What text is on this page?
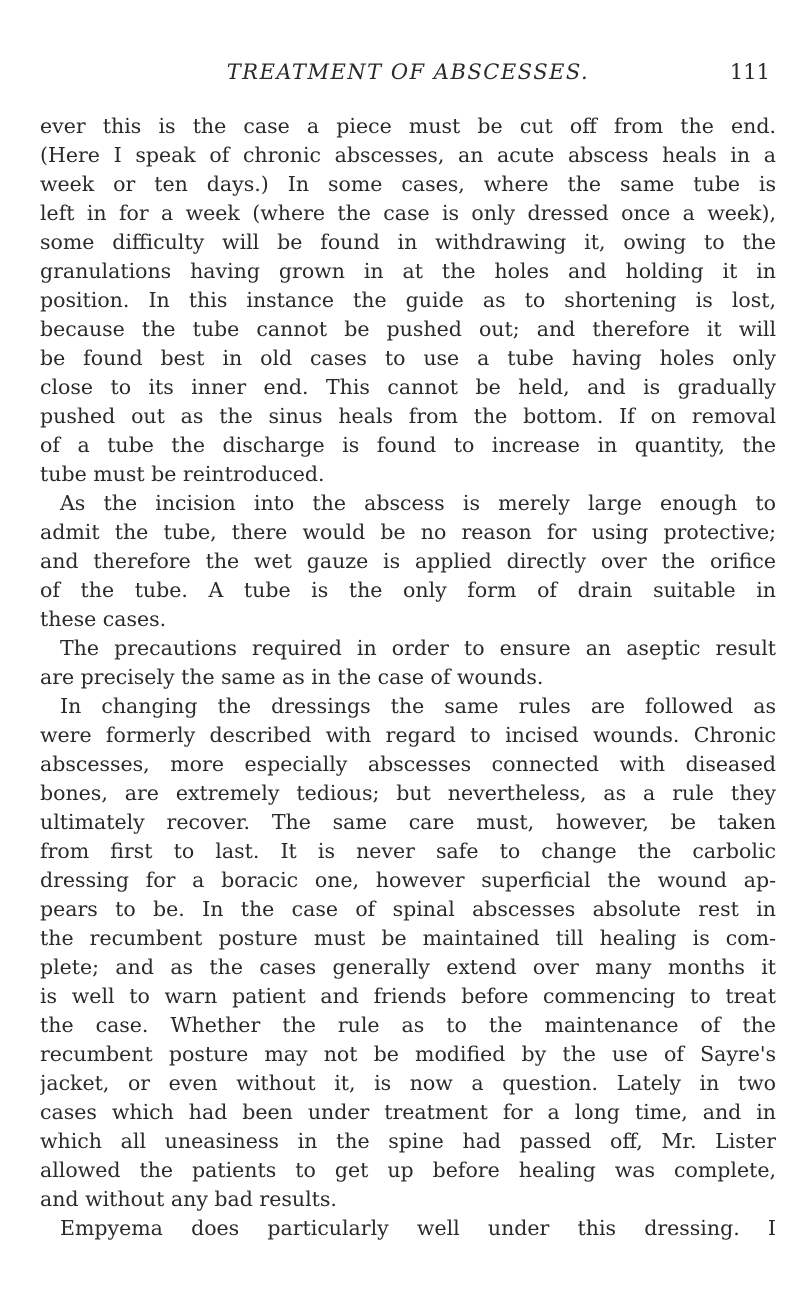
TREATMENT OF ABSCESSES.	111
ever this is the case a piece must be cut off from the end.
(Here I speak of chronic abscesses, an acute abscess heals in a
week or ten days.) In some cases, where the same tube is
left in for a week (where the case is only dressed once a week),
some difficulty will be found in withdrawing it, owing to the
granulations having grown in at the holes and holding it in
position. In this instance the guide as to shortening is lost,
because the tube cannot be pushed out; and therefore it will
be found best in old cases to use a tube having holes only
close to its inner end. This cannot be held, and is gradually
pushed out as the sinus heals from the bottom. If on removal
of a tube the discharge is found to increase in quantity, the
tube must be reintroduced.
As the incision into the abscess is merely large enough to
admit the tube, there would be no reason for using protective;
and therefore the wet gauze is applied directly over the orifice
of the tube. A tube is the only form of drain suitable in
these cases.
The precautions required in order to ensure an aseptic result
are precisely the same as in the case of wounds.
In changing the dressings the same rules are followed as
were formerly described with regard to incised wounds. Chronic
abscesses, more especially abscesses connected with diseased
bones, are extremely tedious; but nevertheless, as a rule they
ultimately recover. The same care must, however, be taken
from first to last. It is never safe to change the carbolic
dressing for a boracic one, however superficial the wound ap-
pears to be. In the case of spinal abscesses absolute rest in
the recumbent posture must be maintained till healing is com-
plete; and as the cases generally extend over many months it
is well to warn patient and friends before commencing to treat
the case. Whether the rule as to the maintenance of the
recumbent posture may not be modified by the use of Sayre's
jacket, or even without it, is now a question. Lately in two
cases which had been under treatment for a long time, and in
which all uneasiness in the spine had passed off, Mr. Lister
allowed the patients to get up before healing was complete,
and without any bad results.
Empyema does particularly well under this dressing. I
